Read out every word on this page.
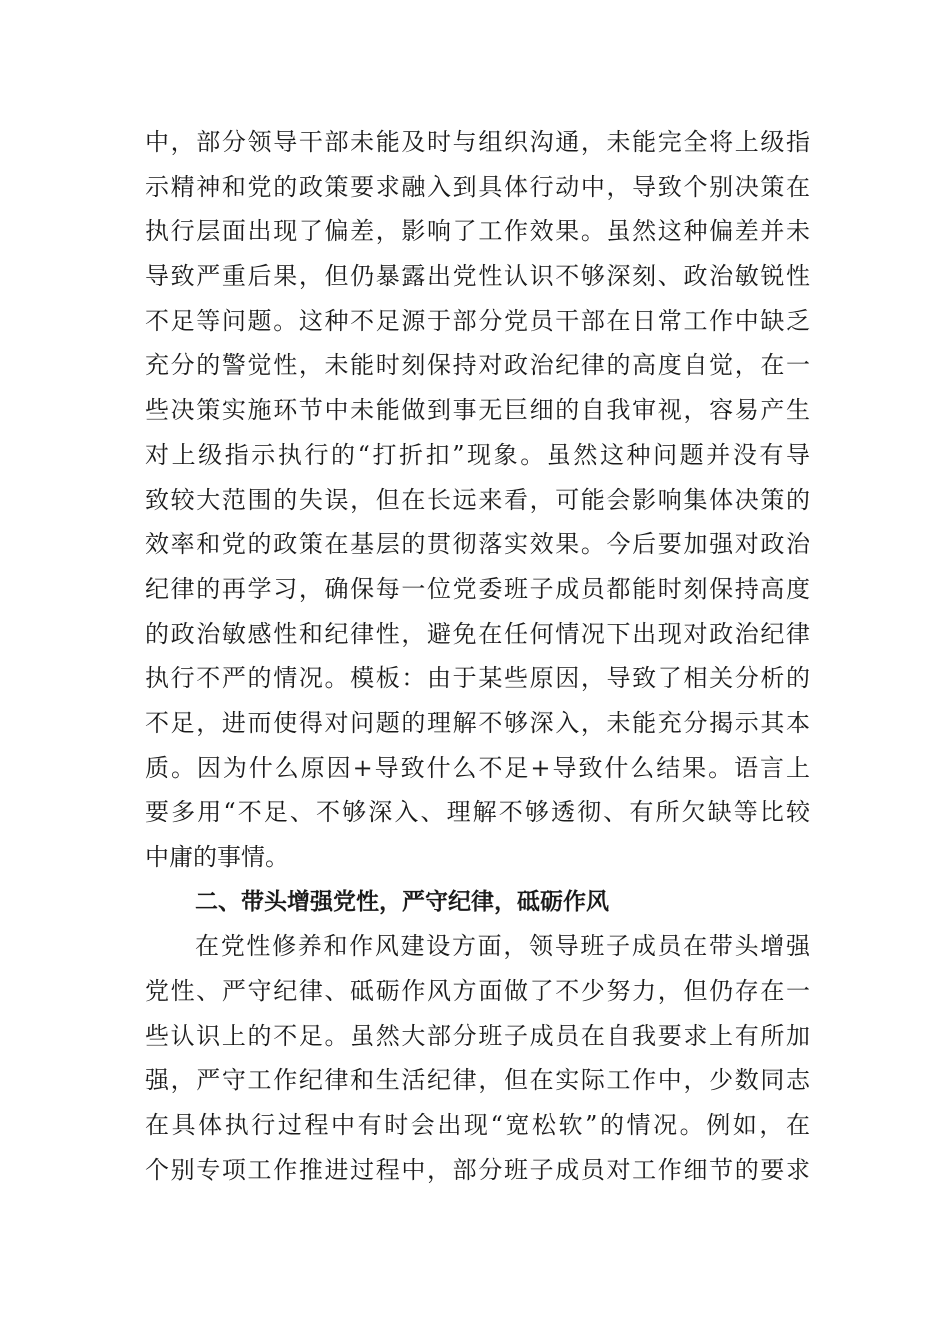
中，部分领导干部未能及时与组织沟通，未能完全将上级指
示精神和党的政策要求融入到具体行动中，导致个别决策在
执行层面出现了偏差，影响了工作效果。虽然这种偏差并未
导致严重后果，但仍暴露出党性认识不够深刻、政治敏锐性
不足等问题。这种不足源于部分党员干部在日常工作中缺乏
充分的警觉性，未能时刻保持对政治纪律的高度自觉，在一
些决策实施环节中未能做到事无巨细的自我审视，容易产生
对上级指示执行的“打折扣”现象。虽然这种问题并没有导
致较大范围的失误，但在长远来看，可能会影响集体决策的
效率和党的政策在基层的贯彻落实效果。今后要加强对政治
纪律的再学习，确保每一位党委班子成员都能时刻保持高度
的政治敏感性和纪律性，避免在任何情况下出现对政治纪律
执行不严的情况。模板：由于某些原因，导致了相关分析的
不足，进而使得对问题的理解不够深入，未能充分揭示其本
质。因为什么原因+导致什么不足+导致什么结果。语言上
要多用“不足、不够深入、理解不够透彻、有所欠缺等比较
中庸的事情。
二、带头增强党性，严守纪律，砥砺作风
在党性修养和作风建设方面，领导班子成员在带头增强
党性、严守纪律、砥砺作风方面做了不少努力，但仍存在一
些认识上的不足。虽然大部分班子成员在自我要求上有所加
强，严守工作纪律和生活纪律，但在实际工作中，少数同志
在具体执行过程中有时会出现“宽松软”的情况。例如，在
个别专项工作推进过程中，部分班子成员对工作细节的要求
